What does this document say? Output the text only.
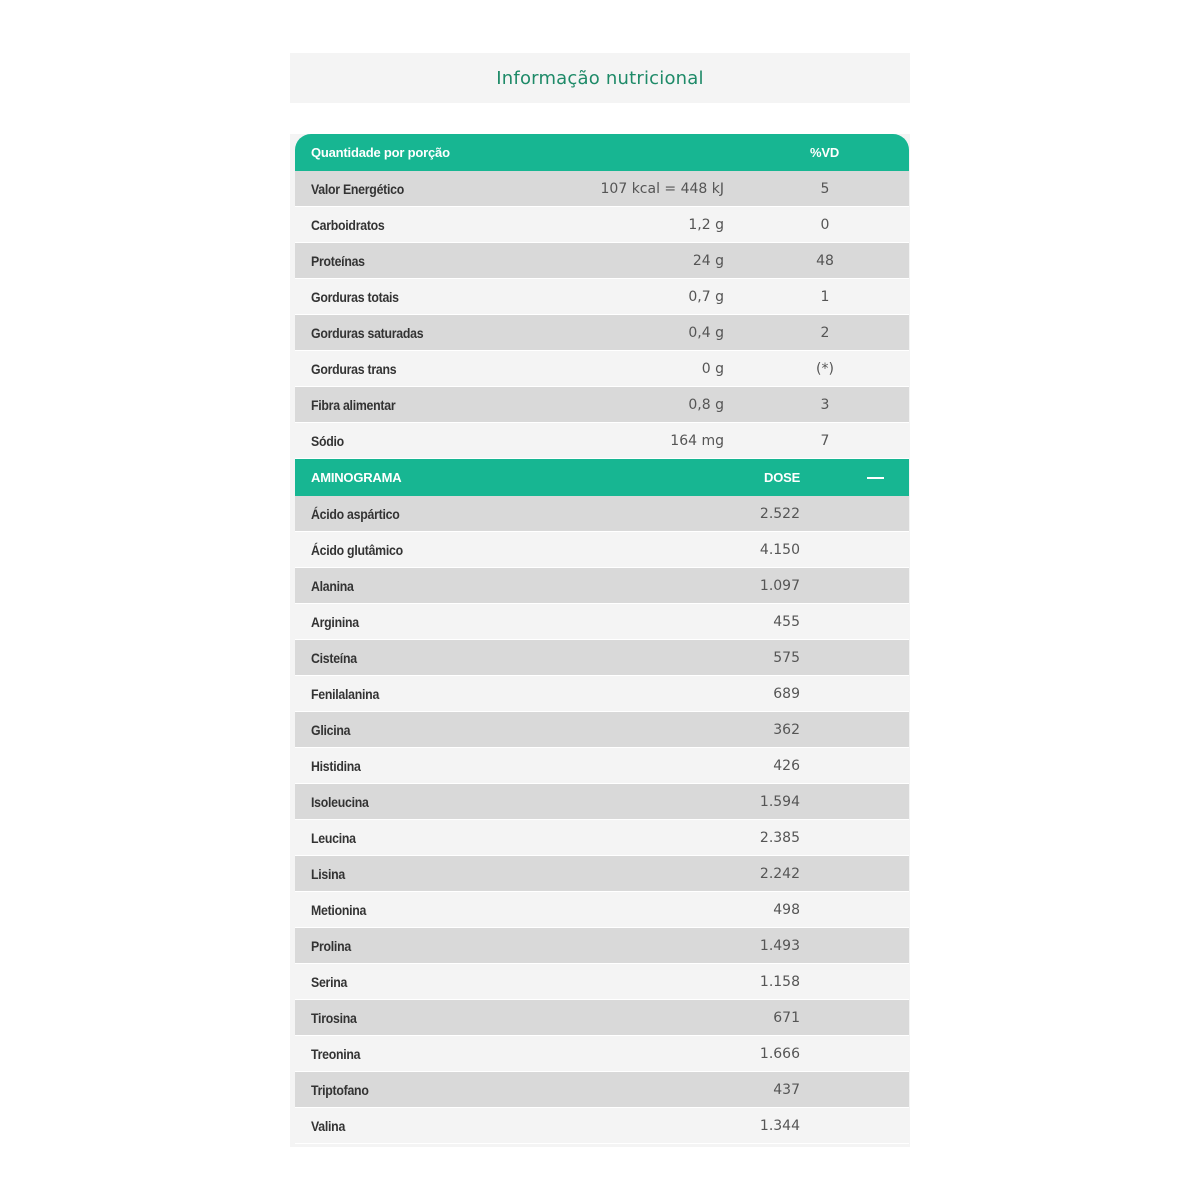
Informação nutricional
Quantidade por porção	%VD
Valor Energético	107 kcal = 448 kJ	5
Carboidratos	1,2 g	0
Proteínas	24 g	48
Gorduras totais	0,7 g	1
Gorduras saturadas	0,4 g	2
Gorduras trans	0 g	(*)
Fibra alimentar	0,8 g	3
Sódio	164 mg	7
AMINOGRAMA	DOSE
Ácido aspártico	2.522
Ácido glutâmico	4.150
Alanina	1.097
Arginina	455
Cisteína	575
Fenilalanina	689
Glicina	362
Histidina	426
Isoleucina	1.594
Leucina	2.385
Lisina	2.242
Metionina	498
Prolina	1.493
Serina	1.158
Tirosina	671
Treonina	1.666
Triptofano	437
Valina	1.344
